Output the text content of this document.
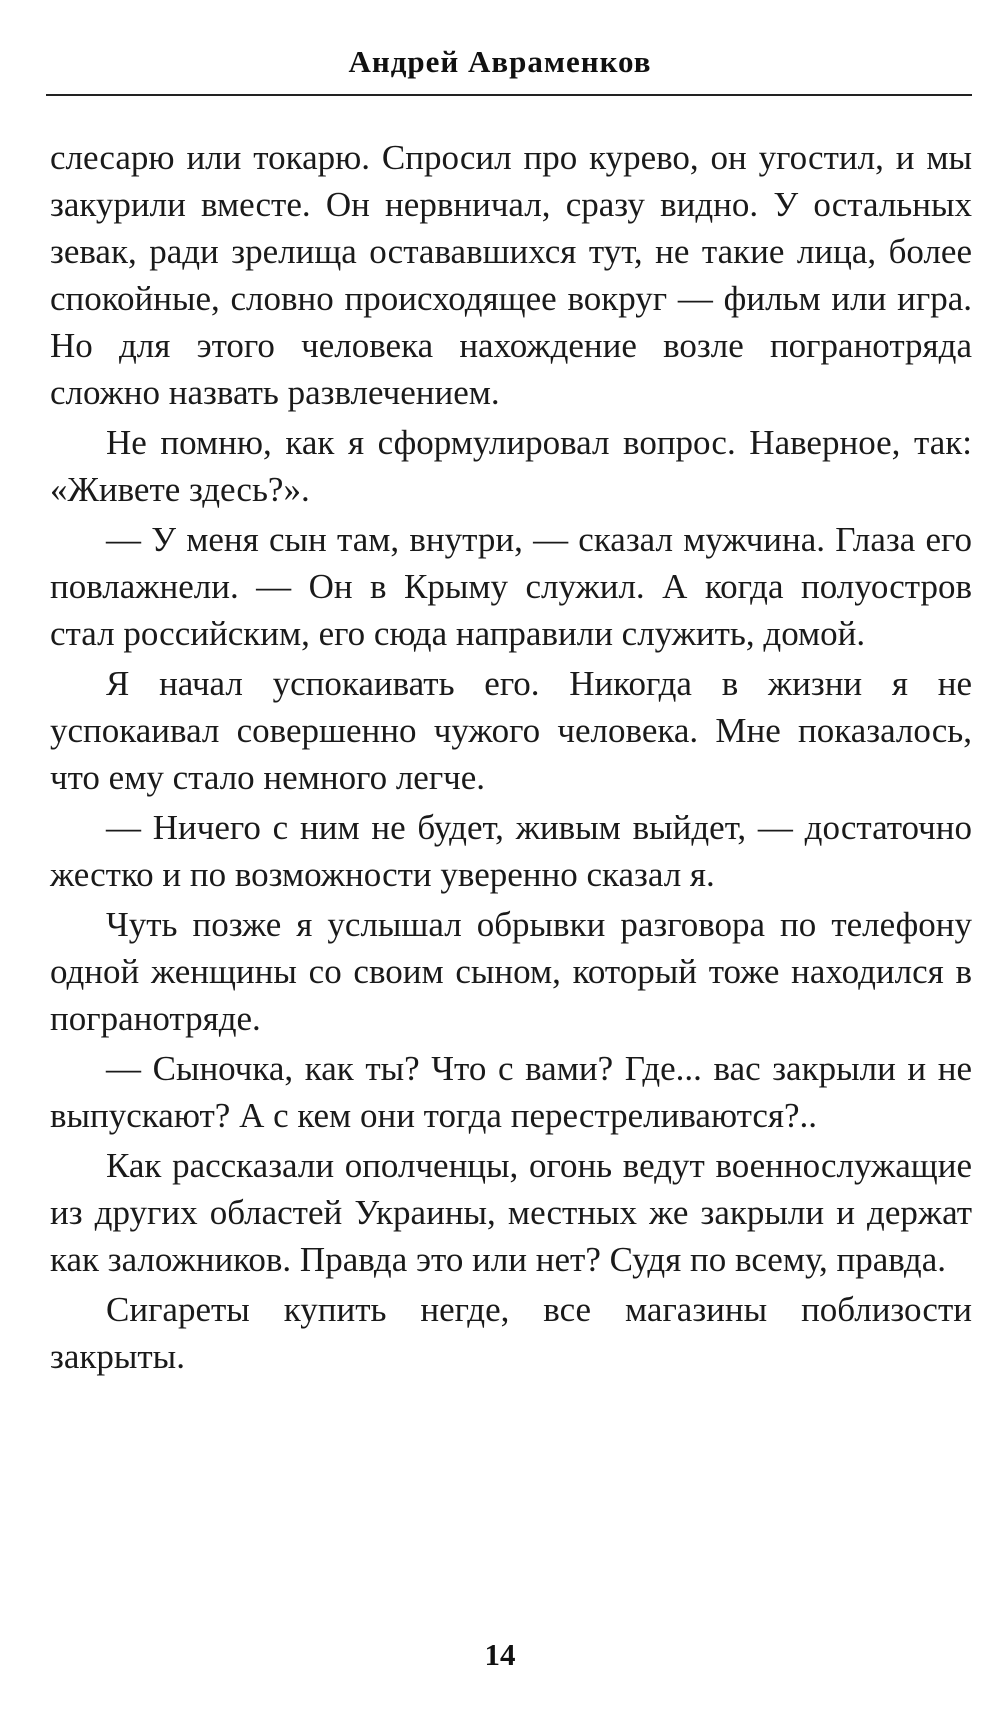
Андрей Авраменков

слесарю или токарю. Спросил про курево, он угостил, и мы закурили вместе. Он нервничал, сразу видно. У остальных зевак, ради зрелища остававшихся тут, не такие лица, более спокойные, словно происходящее вокруг — фильм или игра. Но для этого человека нахождение возле погранотряда сложно назвать развлечением.

Не помню, как я сформулировал вопрос. Наверное, так: «Живете здесь?».

— У меня сын там, внутри, — сказал мужчина. Глаза его повлажнели. — Он в Крыму служил. А когда полуостров стал российским, его сюда направили служить, домой.

Я начал успокаивать его. Никогда в жизни я не успокаивал совершенно чужого человека. Мне показалось, что ему стало немного легче.

— Ничего с ним не будет, живым выйдет, — достаточно жестко и по возможности уверенно сказал я.

Чуть позже я услышал обрывки разговора по телефону одной женщины со своим сыном, который тоже находился в погранотряде.

— Сыночка, как ты? Что с вами? Где... вас закрыли и не выпускают? А с кем они тогда перестреливаются?..

Как рассказали ополченцы, огонь ведут военнослужащие из других областей Украины, местных же закрыли и держат как заложников. Правда это или нет? Судя по всему, правда.

Сигареты купить негде, все магазины поблизости закрыты.

14
